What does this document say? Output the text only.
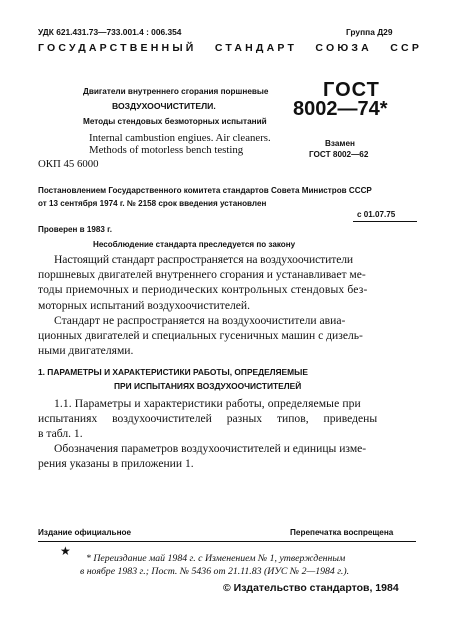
УДК 621.431.73—733.001.4 : 006.354	Группа Д29
ГОСУДАРСТВЕННЫЙ   СТАНДАРТ   СОЮЗА   ССР
Двигатели внутреннего сгорания поршневые
ВОЗДУХООЧИСТИТЕЛИ.
Методы стендовых безмоторных испытаний
Internal cambustion engiues. Air cleaners.
Methods of motorless bench testing
ОКП 45 6000
ГОСТ
8002—74*
Взамен
ГОСТ 8002—62
Постановлением Государственного комитета стандартов Совета Министров СССР
от 13 сентября 1974 г. № 2158 срок введения установлен
с 01.07.75
Проверен в 1983 г.
Несоблюдение стандарта преследуется по закону
Настоящий стандарт распространяется на воздухоочистители
поршневых двигателей внутреннего сгорания и устанавливает ме-
тоды приемочных и периодических контрольных стендовых без-
моторных испытаний воздухоочистителей.
Стандарт не распространяется на воздухоочистители авиа-
ционных двигателей и специальных гусеничных машин с дизель-
ными двигателями.
1. ПАРАМЕТРЫ И ХАРАКТЕРИСТИКИ РАБОТЫ, ОПРЕДЕЛЯЕМЫЕ
ПРИ ИСПЫТАНИЯХ ВОЗДУХООЧИСТИТЕЛЕЙ
1.1. Параметры и характеристики работы, определяемые при
испытаниях воздухоочистителей разных типов, приведены
в табл. 1.
Обозначения параметров воздухоочистителей и единицы изме-
рения указаны в приложении 1.
Издание официальное	Перепечатка воспрещена
★
* Переиздание май 1984 г. с Изменением № 1, утвержденным
в ноябре 1983 г.; Пост. № 5436 от 21.11.83 (ИУС № 2—1984 г.).
© Издательство стандартов, 1984
